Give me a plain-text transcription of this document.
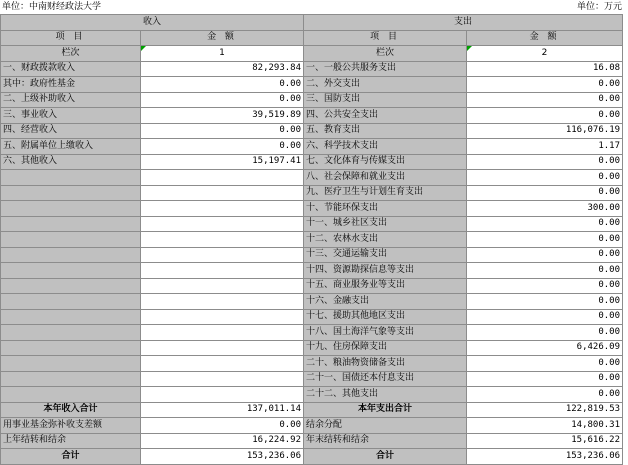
单位：中南财经政法大学	单位：万元
收入		支出	
项 目	金 额	项 目	金 额
栏次	1	栏次	2
一、财政拨款收入	82,293.84	一、一般公共服务支出	16.08
其中：政府性基金	0.00	二、外交支出	0.00
二、上级补助收入	0.00	三、国防支出	0.00
三、事业收入	39,519.89	四、公共安全支出	0.00
四、经营收入	0.00	五、教育支出	116,076.19
五、附属单位上缴收入	0.00	六、科学技术支出	1.17
六、其他收入	15,197.41	七、文化体育与传媒支出	0.00
		八、社会保障和就业支出	0.00
		九、医疗卫生与计划生育支出	0.00
		十、节能环保支出	300.00
		十一、城乡社区支出	0.00
		十二、农林水支出	0.00
		十三、交通运输支出	0.00
		十四、资源勘探信息等支出	0.00
		十五、商业服务业等支出	0.00
		十六、金融支出	0.00
		十七、援助其他地区支出	0.00
		十八、国土海洋气象等支出	0.00
		十九、住房保障支出	6,426.09
		二十、粮油物资储备支出	0.00
		二十一、国债还本付息支出	0.00
		二十二、其他支出	0.00
本年收入合计	137,011.14	本年支出合计	122,819.53
用事业基金弥补收支差额	0.00	结余分配	14,800.31
上年结转和结余	16,224.92	年末结转和结余	15,616.22
合计	153,236.06	合计	153,236.06
